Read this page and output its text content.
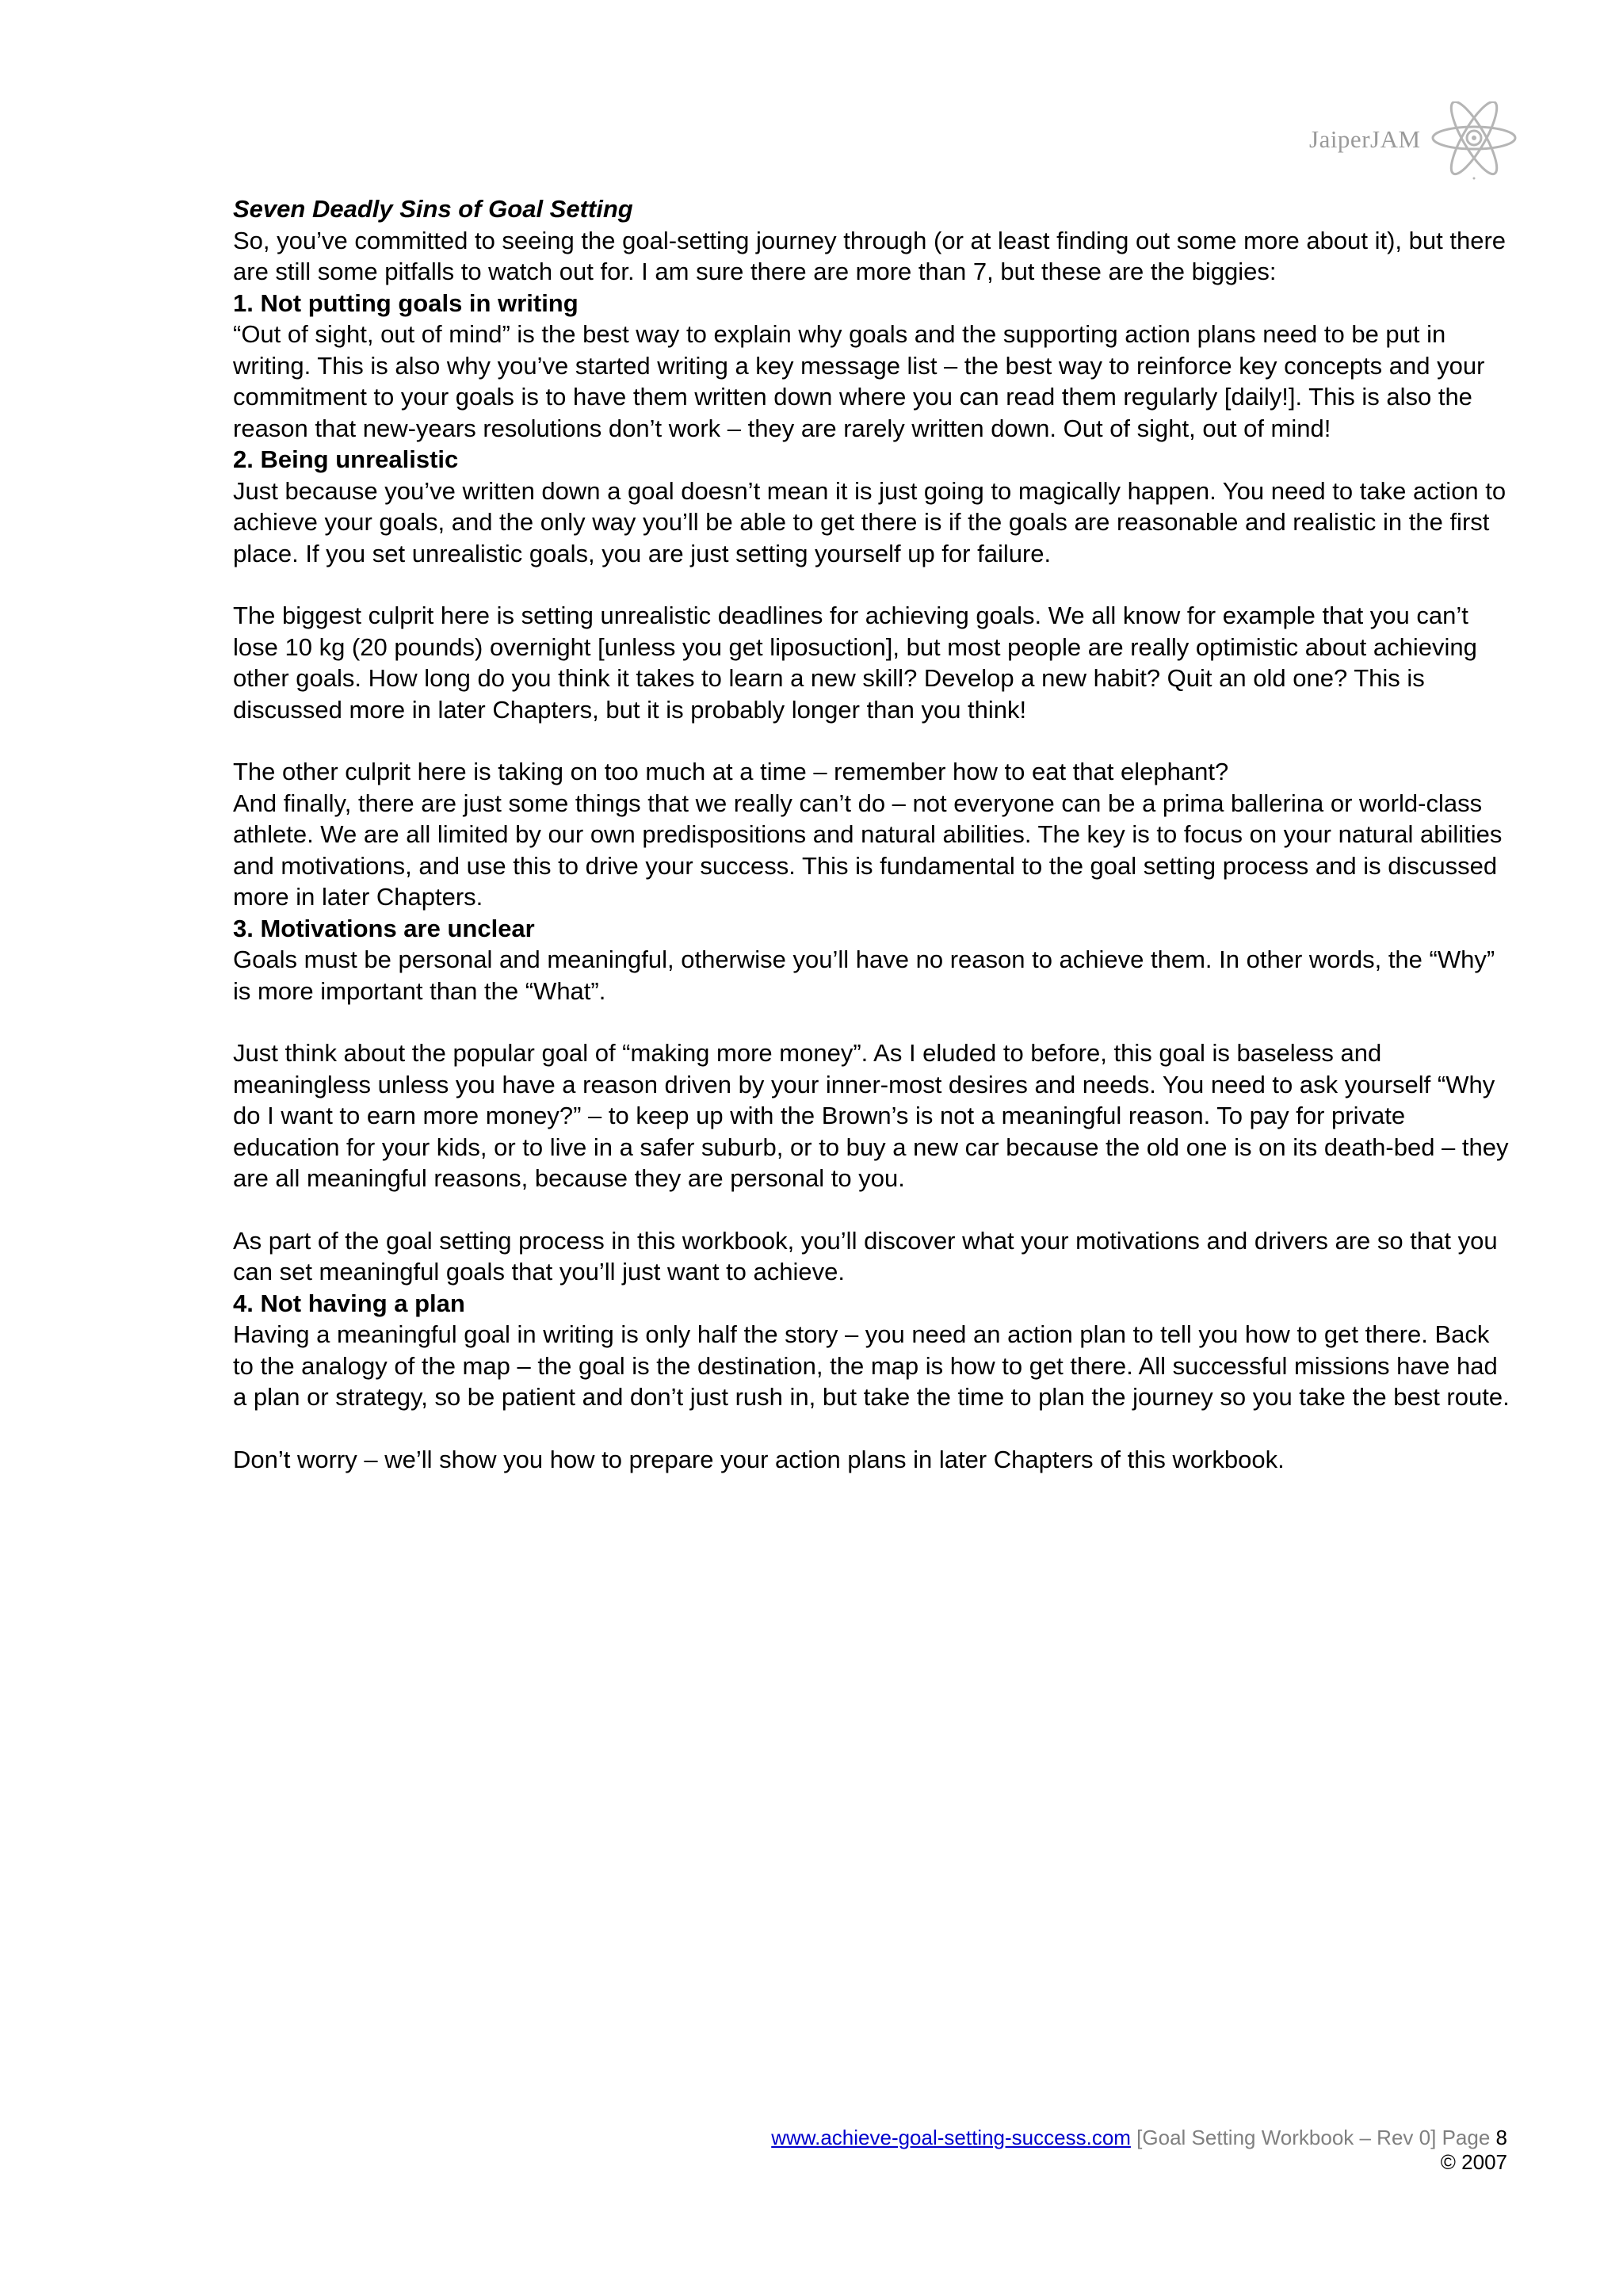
JaiperJAM

Seven Deadly Sins of Goal Setting

So, you’ve committed to seeing the goal-setting journey through (or at least finding out some more about it), but there are still some pitfalls to watch out for. I am sure there are more than 7, but these are the biggies:

1. Not putting goals in writing

“Out of sight, out of mind” is the best way to explain why goals and the supporting action plans need to be put in writing. This is also why you’ve started writing a key message list – the best way to reinforce key concepts and your commitment to your goals is to have them written down where you can read them regularly [daily!]. This is also the reason that new-years resolutions don’t work – they are rarely written down. Out of sight, out of mind!

2. Being unrealistic

Just because you’ve written down a goal doesn’t mean it is just going to magically happen. You need to take action to achieve your goals, and the only way you’ll be able to get there is if the goals are reasonable and realistic in the first place. If you set unrealistic goals, you are just setting yourself up for failure.

The biggest culprit here is setting unrealistic deadlines for achieving goals. We all know for example that you can’t lose 10 kg (20 pounds) overnight [unless you get liposuction], but most people are really optimistic about achieving other goals. How long do you think it takes to learn a new skill? Develop a new habit? Quit an old one? This is discussed more in later Chapters, but it is probably longer than you think!

The other culprit here is taking on too much at a time – remember how to eat that elephant?

And finally, there are just some things that we really can’t do – not everyone can be a prima ballerina or world-class athlete. We are all limited by our own predispositions and natural abilities. The key is to focus on your natural abilities and motivations, and use this to drive your success. This is fundamental to the goal setting process and is discussed more in later Chapters.

3. Motivations are unclear

Goals must be personal and meaningful, otherwise you’ll have no reason to achieve them. In other words, the “Why” is more important than the “What”.

Just think about the popular goal of “making more money”. As I eluded to before, this goal is baseless and meaningless unless you have a reason driven by your inner-most desires and needs. You need to ask yourself “Why do I want to earn more money?” – to keep up with the Brown’s is not a meaningful reason. To pay for private education for your kids, or to live in a safer suburb, or to buy a new car because the old one is on its death-bed – they are all meaningful reasons, because they are personal to you.

As part of the goal setting process in this workbook, you’ll discover what your motivations and drivers are so that you can set meaningful goals that you’ll just want to achieve.

4. Not having a plan

Having a meaningful goal in writing is only half the story – you need an action plan to tell you how to get there. Back to the analogy of the map – the goal is the destination, the map is how to get there. All successful missions have had a plan or strategy, so be patient and don’t just rush in, but take the time to plan the journey so you take the best route.

Don’t worry – we’ll show you how to prepare your action plans in later Chapters of this workbook.

www.achieve-goal-setting-success.com [Goal Setting Workbook – Rev 0] Page 8
© 2007
